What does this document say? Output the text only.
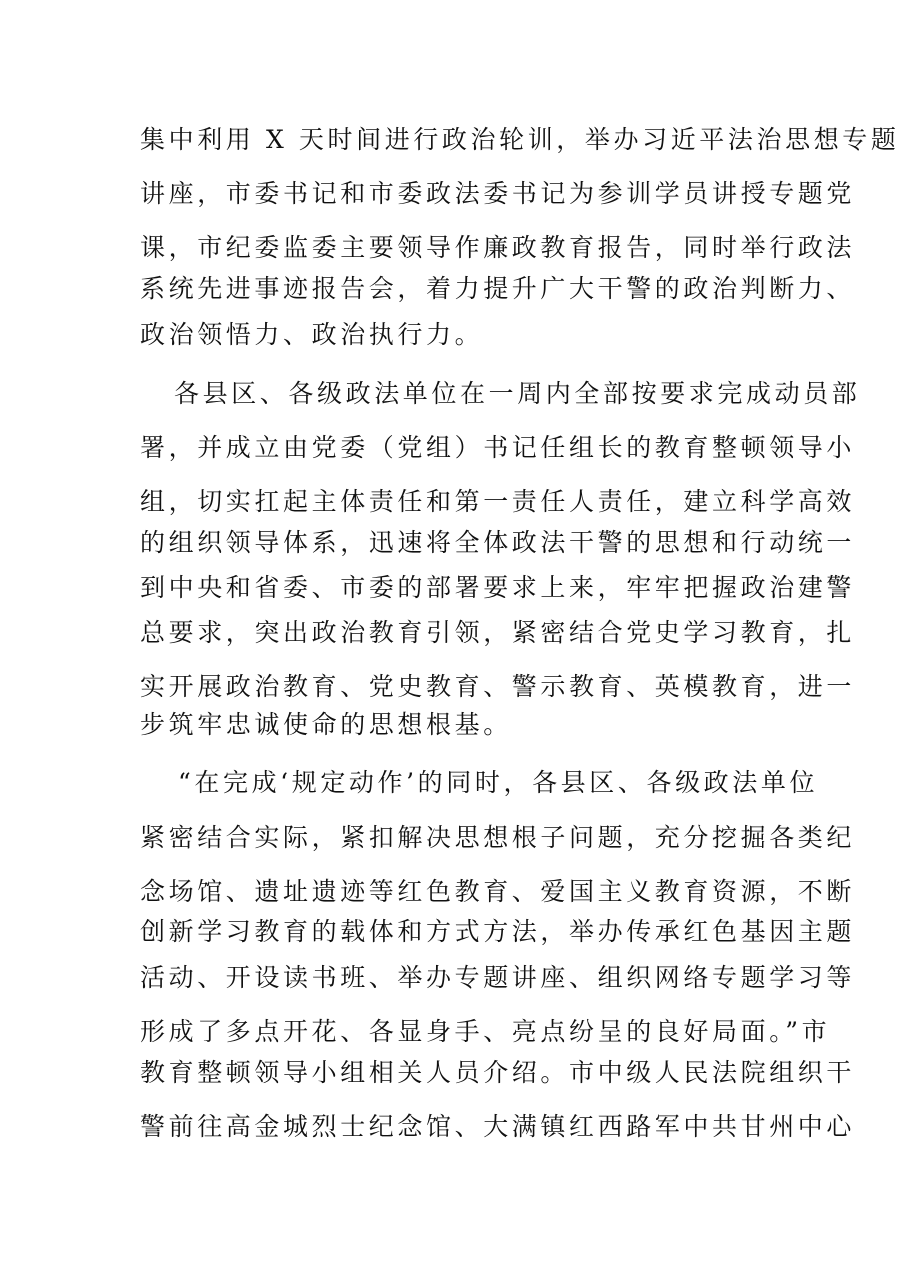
集中利用 X 天时间进行政治轮训，举办习近平法治思想专题
讲座，市委书记和市委政法委书记为参训学员讲授专题党
课，市纪委监委主要领导作廉政教育报告，同时举行政法
系统先进事迹报告会，着力提升广大干警的政治判断力、
政治领悟力、政治执行力。
各县区、各级政法单位在一周内全部按要求完成动员部
署，并成立由党委（党组）书记任组长的教育整顿领导小
组，切实扛起主体责任和第一责任人责任，建立科学高效
的组织领导体系，迅速将全体政法干警的思想和行动统一
到中央和省委、市委的部署要求上来，牢牢把握政治建警
总要求，突出政治教育引领，紧密结合党史学习教育，扎
实开展政治教育、党史教育、警示教育、英模教育，进一
步筑牢忠诚使命的思想根基。
“在完成‘规定动作’的同时，各县区、各级政法单位
紧密结合实际，紧扣解决思想根子问题，充分挖掘各类纪
念场馆、遗址遗迹等红色教育、爱国主义教育资源，不断
创新学习教育的载体和方式方法，举办传承红色基因主题
活动、开设读书班、举办专题讲座、组织网络专题学习等
形成了多点开花、各显身手、亮点纷呈的良好局面。”市
教育整顿领导小组相关人员介绍。市中级人民法院组织干
警前往高金城烈士纪念馆、大满镇红西路军中共甘州中心
